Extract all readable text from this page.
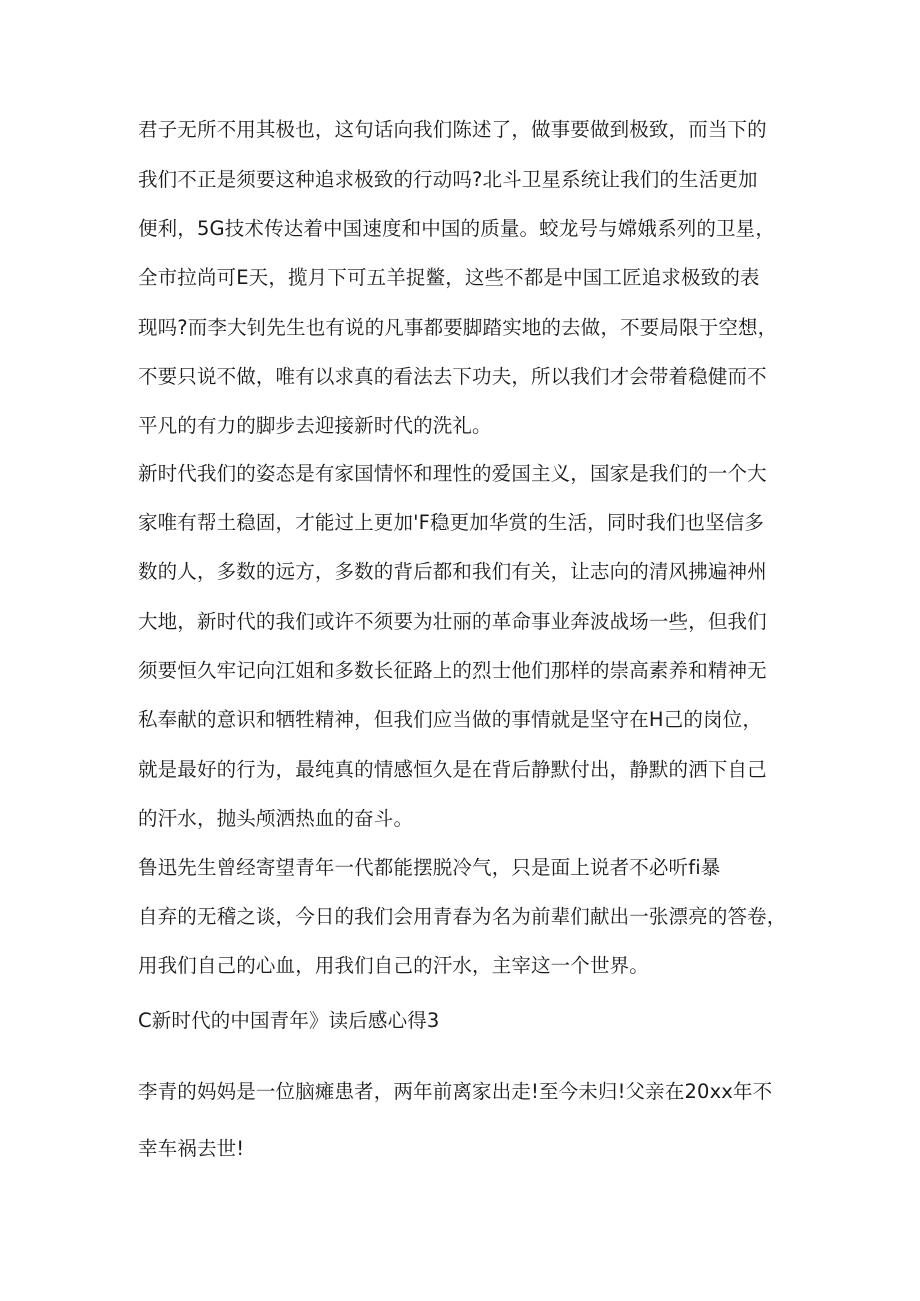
君子无所不用其极也，这句话向我们陈述了，做事要做到极致，而当下的
我们不正是须要这种追求极致的行动吗?北斗卫星系统让我们的生活更加
便利，5G技术传达着中国速度和中国的质量。蛟龙号与嫦娥系列的卫星，
全市拉尚可E天，揽月下可五羊捉鳖，这些不都是中国工匠追求极致的表
现吗?而李大钊先生也有说的凡事都要脚踏实地的去做，不要局限于空想，
不要只说不做，唯有以求真的看法去下功夫，所以我们才会带着稳健而不
平凡的有力的脚步去迎接新时代的洗礼。
新时代我们的姿态是有家国情怀和理性的爱国主义，国家是我们的一个大
家唯有帮土稳固，才能过上更加'F稳更加华赏的生活，同时我们也坚信多
数的人，多数的远方，多数的背后都和我们有关，让志向的清风拂遍神州
大地，新时代的我们或许不须要为壮丽的革命事业奔波战场一些，但我们
须要恒久牢记向江姐和多数长征路上的烈士他们那样的崇高素养和精神无
私奉献的意识和牺牲精神，但我们应当做的事情就是坚守在H己的岗位，
就是最好的行为，最纯真的情感恒久是在背后静默付出，静默的洒下自己
的汗水，抛头颅洒热血的奋斗。
鲁迅先生曾经寄望青年一代都能摆脱冷气，只是面上说者不必听fi暴
自弃的无稽之谈，今日的我们会用青春为名为前辈们献出一张漂亮的答卷，
用我们自己的心血，用我们自己的汗水，主宰这一个世界。
C新时代的中国青年》读后感心得3
李青的妈妈是一位脑瘫患者，两年前离家出走!至今未归!父亲在20xx年不
幸车祸去世!
